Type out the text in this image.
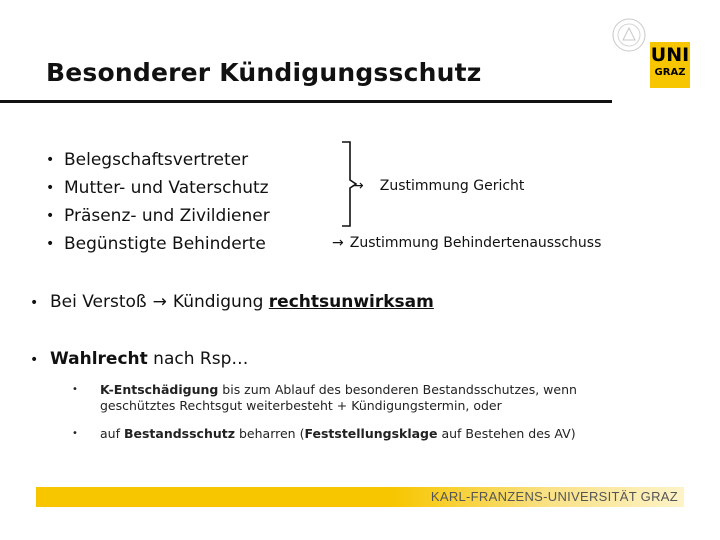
UNI
GRAZ
Besonderer Kündigungsschutz
• Belegschaftsvertreter
• Mutter- und Vaterschutz
• Präsenz- und Zivildiener
• Begünstigte Behinderte
→ Zustimmung Gericht
→ Zustimmung Behindertenausschuss
• Bei Verstoß → Kündigung rechtsunwirksam
• Wahlrecht nach Rsp…
• K-Entschädigung bis zum Ablauf des besonderen Bestandsschutzes, wenn geschütztes Rechtsgut weiterbesteht + Kündigungstermin, oder
• auf Bestandsschutz beharren (Feststellungsklage auf Bestehen des AV)
KARL-FRANZENS-UNIVERSITÄT GRAZ
